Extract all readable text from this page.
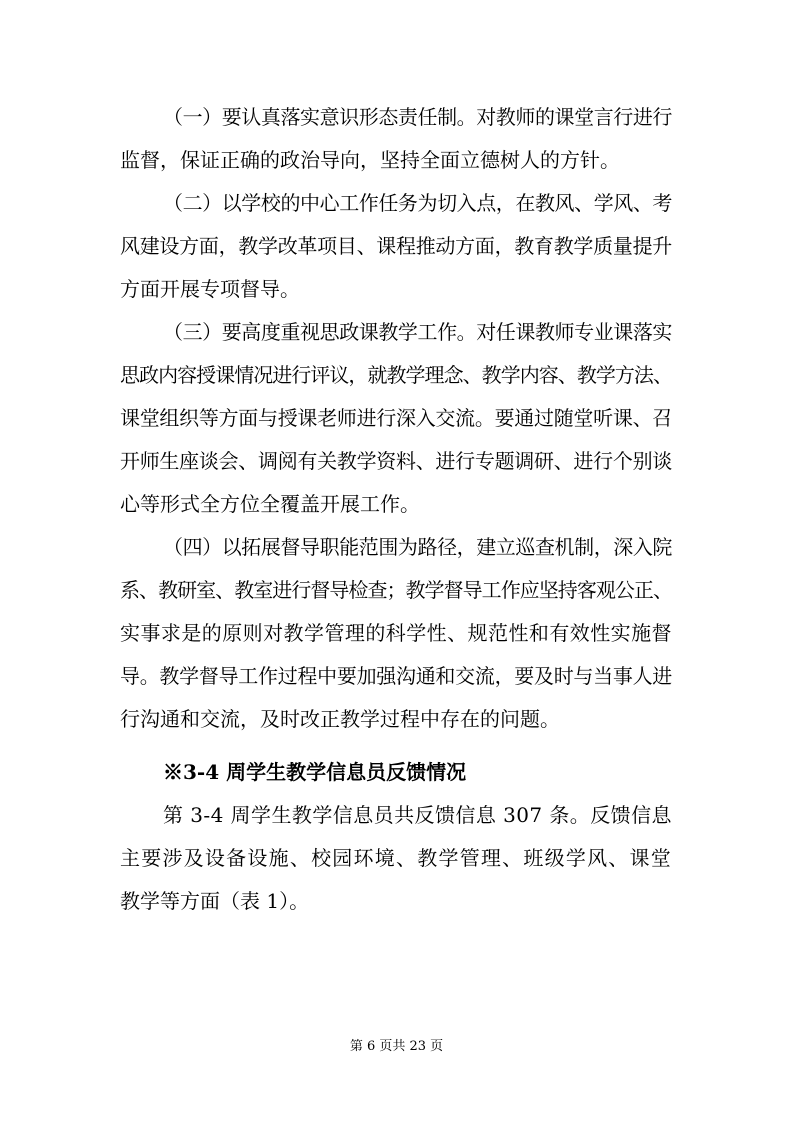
（一）要认真落实意识形态责任制。对教师的课堂言行进行
监督，保证正确的政治导向，坚持全面立德树人的方针。
（二）以学校的中心工作任务为切入点，在教风、学风、考
风建设方面，教学改革项目、课程推动方面，教育教学质量提升
方面开展专项督导。
（三）要高度重视思政课教学工作。对任课教师专业课落实
思政内容授课情况进行评议，就教学理念、教学内容、教学方法、
课堂组织等方面与授课老师进行深入交流。要通过随堂听课、召
开师生座谈会、调阅有关教学资料、进行专题调研、进行个别谈
心等形式全方位全覆盖开展工作。
（四）以拓展督导职能范围为路径，建立巡查机制，深入院
系、教研室、教室进行督导检查；教学督导工作应坚持客观公正、
实事求是的原则对教学管理的科学性、规范性和有效性实施督
导。教学督导工作过程中要加强沟通和交流，要及时与当事人进
行沟通和交流，及时改正教学过程中存在的问题。
※3-4 周学生教学信息员反馈情况
第 3-4 周学生教学信息员共反馈信息 307 条。反馈信息
主要涉及设备设施、校园环境、教学管理、班级学风、课堂
教学等方面（表 1）。
第 6 页共 23 页
